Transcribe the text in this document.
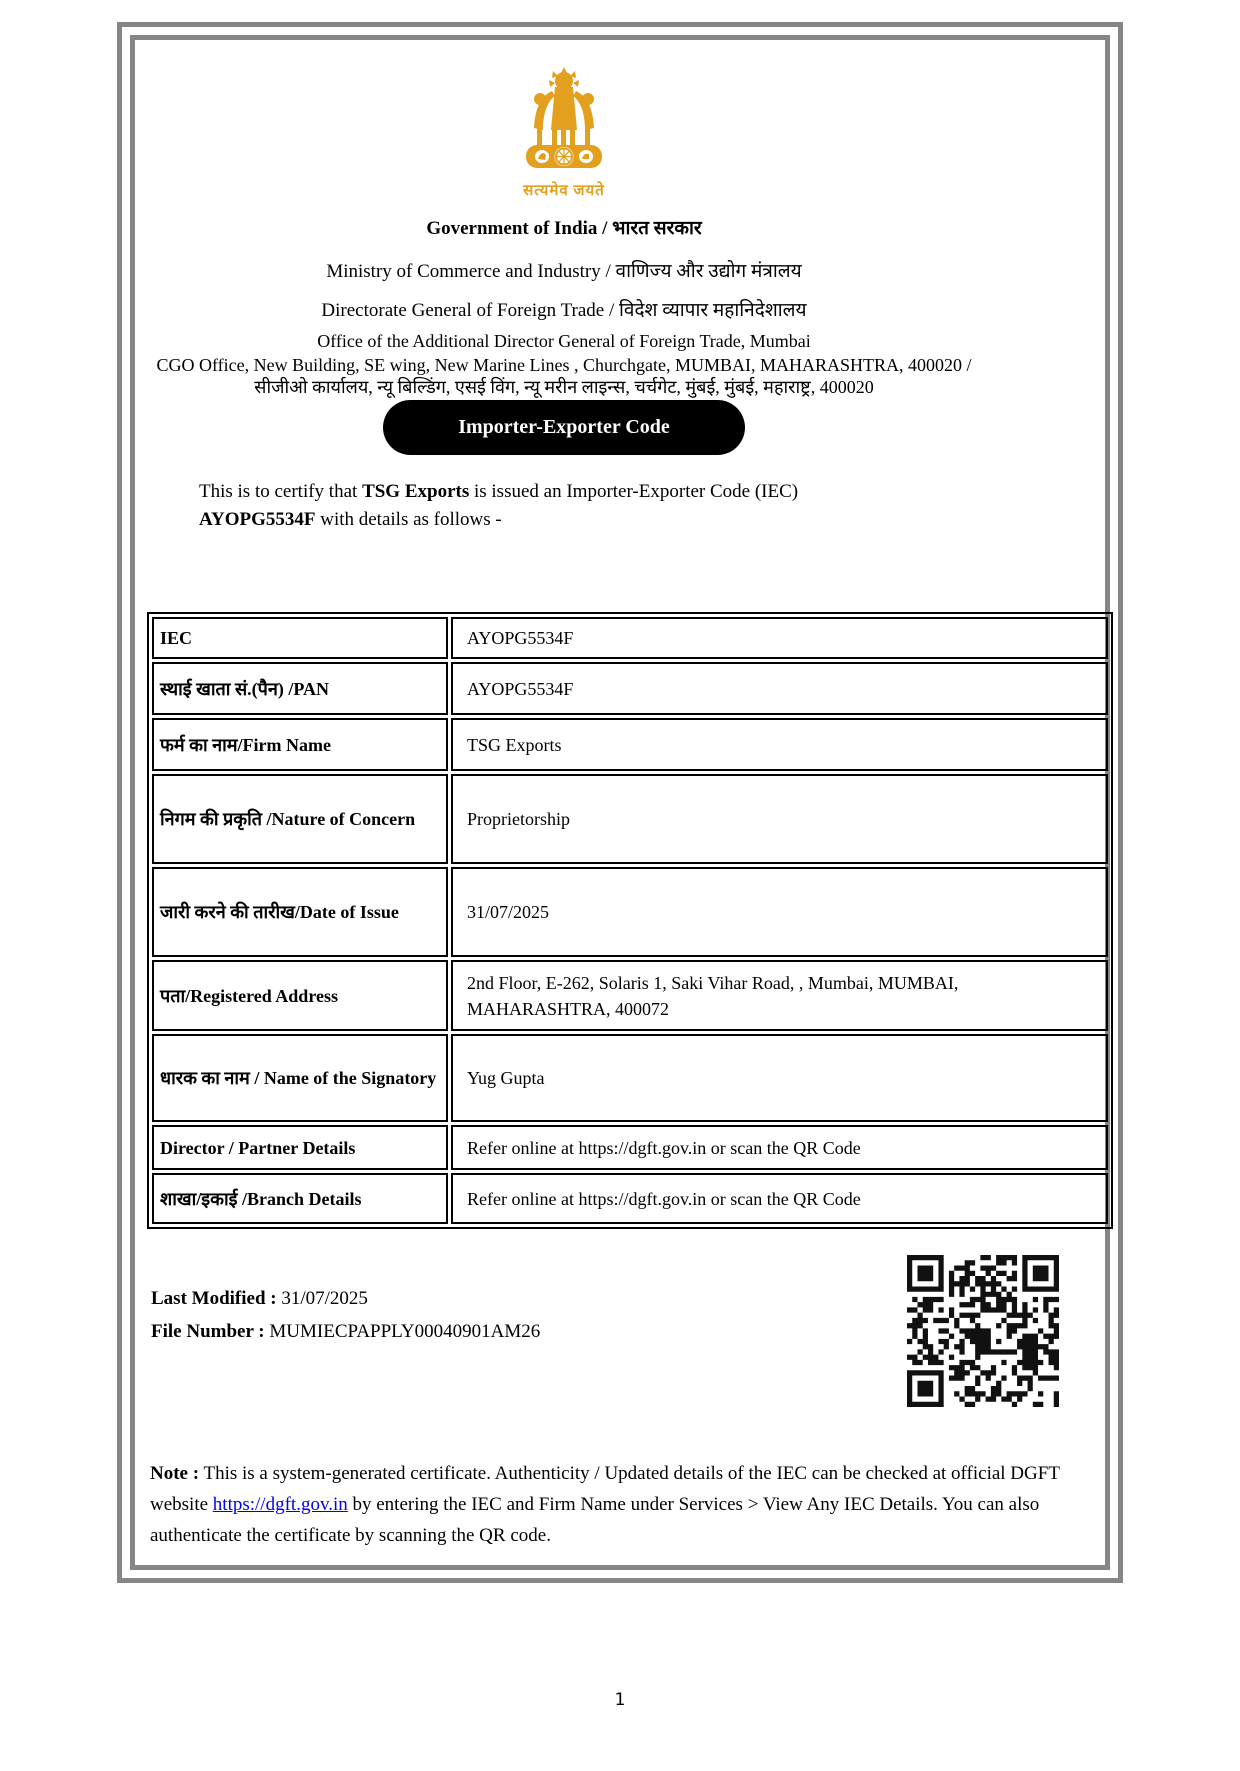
सत्यमेव जयते
Government of India / भारत सरकार
Ministry of Commerce and Industry / वाणिज्य और उद्योग मंत्रालय
Directorate General of Foreign Trade / विदेश व्यापार महानिदेशालय
Office of the Additional Director General of Foreign Trade, Mumbai
CGO Office, New Building, SE wing, New Marine Lines , Churchgate, MUMBAI, MAHARASHTRA, 400020 / सीजीओ कार्यालय, न्यू बिल्डिंग, एसई विंग, न्यू मरीन लाइन्स, चर्चगेट, मुंबई, मुंबई, महाराष्ट्र, 400020
Importer-Exporter Code
This is to certify that TSG Exports is issued an Importer-Exporter Code (IEC)
AYOPG5534F with details as follows -
IEC	AYOPG5534F
स्थाई खाता सं.(पैन) /PAN	AYOPG5534F
फर्म का नाम/Firm Name	TSG Exports
निगम की प्रकृति /Nature of Concern	Proprietorship
जारी करने की तारीख/Date of Issue	31/07/2025
पता/Registered Address	2nd Floor, E-262, Solaris 1, Saki Vihar Road, , Mumbai, MUMBAI, MAHARASHTRA, 400072
धारक का नाम / Name of the Signatory	Yug Gupta
Director / Partner Details	Refer online at https://dgft.gov.in or scan the QR Code
शाखा/इकाई /Branch Details	Refer online at https://dgft.gov.in or scan the QR Code
Last Modified : 31/07/2025
File Number : MUMIECPAPPLY00040901AM26
Note : This is a system-generated certificate. Authenticity / Updated details of the IEC can be checked at official DGFT website https://dgft.gov.in by entering the IEC and Firm Name under Services > View Any IEC Details. You can also authenticate the certificate by scanning the QR code.
1
